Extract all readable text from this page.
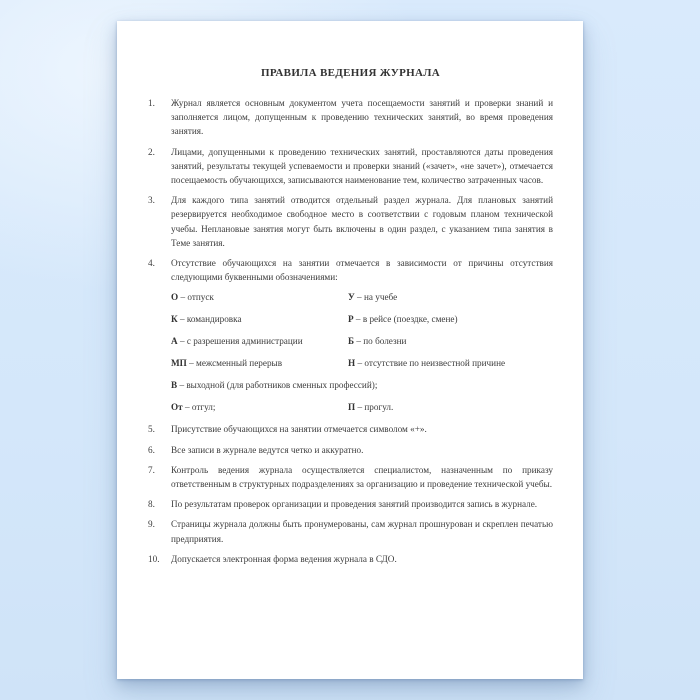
ПРАВИЛА ВЕДЕНИЯ ЖУРНАЛА
1.	Журнал является основным документом учета посещаемости занятий и проверки знаний и заполняется лицом, допущенным к проведению технических занятий, во время проведения занятия.

2.	Лицами, допущенными к проведению технических занятий, проставляются даты проведения занятий, результаты текущей успеваемости и проверки знаний («зачет», «не зачет»), отмечается посещаемость обучающихся, записываются наименование тем, количество затраченных часов.

3.	Для каждого типа занятий отводится отдельный раздел журнала. Для плановых занятий резервируется необходимое свободное место в соответствии с годовым планом технической учебы. Неплановые занятия могут быть включены в один раздел, с указанием типа занятия в Теме занятия.

4.	Отсутствие обучающихся на занятии отмечается в зависимости от причины отсутствия следующими буквенными обозначениями:

О – отпуск	У – на учебе
К – командировка	Р – в рейсе (поездке, смене)
А – с разрешения администрации	Б – по болезни
МП – межсменный перерыв	Н – отсутствие по неизвестной причине
В – выходной (для работников сменных профессий);
От – отгул;	П – прогул.
5.	Присутствие обучающихся на занятии отмечается символом «+».

6.	Все записи в журнале ведутся четко и аккуратно.

7.	Контроль ведения журнала осуществляется специалистом, назначенным по приказу ответственным в структурных подразделениях за организацию и проведение технической учебы.

8.	По результатам проверок организации и проведения занятий производится запись в журнале.

9.	Страницы журнала должны быть пронумерованы, сам журнал прошнурован и скреплен печатью предприятия.

10.	Допускается электронная форма ведения журнала в СДО.
